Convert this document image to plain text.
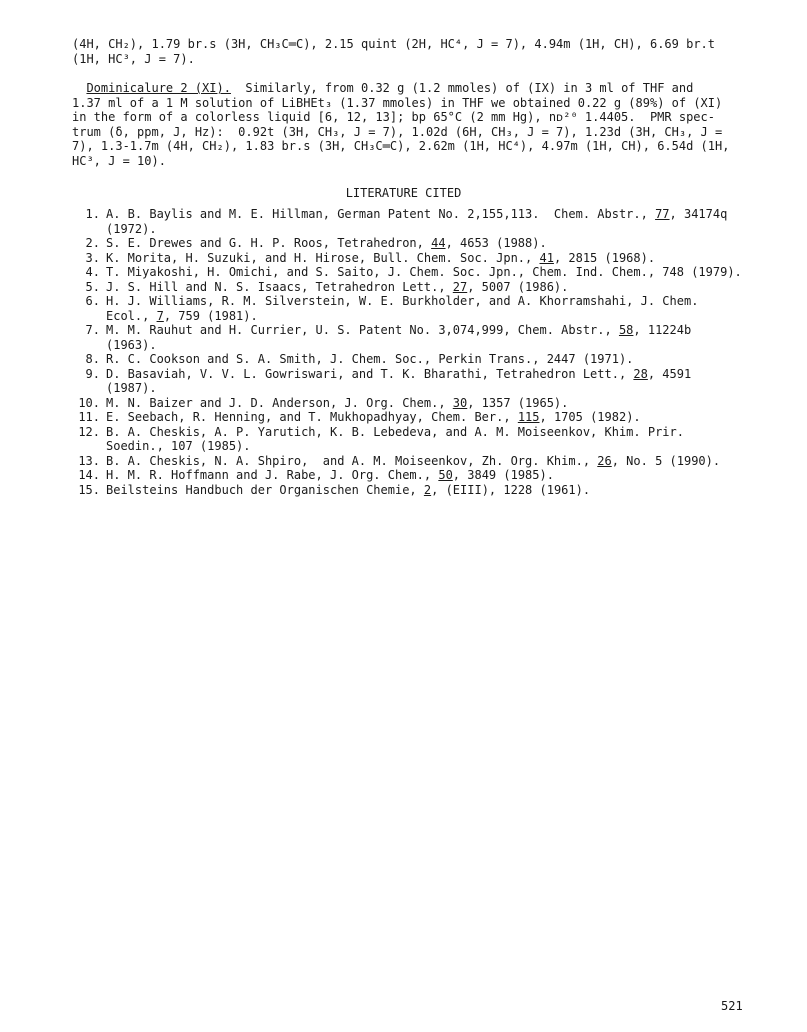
(4H, CH₂), 1.79 br.s (3H, CH₃C═C), 2.15 quint (2H, HC⁴, J = 7), 4.94m (1H, CH), 6.69 br.t
(1H, HC³, J = 7).

Dominicalure 2 (XI).  Similarly, from 0.32 g (1.2 mmoles) of (IX) in 3 ml of THF and
1.37 ml of a 1 M solution of LiBHEt₃ (1.37 mmoles) in THF we obtained 0.22 g (89%) of (XI)
in the form of a colorless liquid [6, 12, 13]; bp 65°C (2 mm Hg), nᴅ²⁰ 1.4405.  PMR spec-
trum (δ, ppm, J, Hz):  0.92t (3H, CH₃, J = 7), 1.02d (6H, CH₃, J = 7), 1.23d (3H, CH₃, J =
7), 1.3-1.7m (4H, CH₂), 1.83 br.s (3H, CH₃C═C), 2.62m (1H, HC⁴), 4.97m (1H, CH), 6.54d (1H,
HC³, J = 10).

LITERATURE CITED
1. A. B. Baylis and M. E. Hillman, German Patent No. 2,155,113.  Chem. Abstr., 77, 34174q
(1972).
2. S. E. Drewes and G. H. P. Roos, Tetrahedron, 44, 4653 (1988).
3. K. Morita, H. Suzuki, and H. Hirose, Bull. Chem. Soc. Jpn., 41, 2815 (1968).
4. T. Miyakoshi, H. Omichi, and S. Saito, J. Chem. Soc. Jpn., Chem. Ind. Chem., 748 (1979).
5. J. S. Hill and N. S. Isaacs, Tetrahedron Lett., 27, 5007 (1986).
6. H. J. Williams, R. M. Silverstein, W. E. Burkholder, and A. Khorramshahi, J. Chem.
Ecol., 7, 759 (1981).
7. M. M. Rauhut and H. Currier, U. S. Patent No. 3,074,999, Chem. Abstr., 58, 11224b
(1963).
8. R. C. Cookson and S. A. Smith, J. Chem. Soc., Perkin Trans., 2447 (1971).
9. D. Basaviah, V. V. L. Gowriswari, and T. K. Bharathi, Tetrahedron Lett., 28, 4591
(1987).
10. M. N. Baizer and J. D. Anderson, J. Org. Chem., 30, 1357 (1965).
11. E. Seebach, R. Henning, and T. Mukhopadhyay, Chem. Ber., 115, 1705 (1982).
12. B. A. Cheskis, A. P. Yarutich, K. B. Lebedeva, and A. M. Moiseenkov, Khim. Prir.
Soedin., 107 (1985).
13. B. A. Cheskis, N. A. Shpiro,  and A. M. Moiseenkov, Zh. Org. Khim., 26, No. 5 (1990).
14. H. M. R. Hoffmann and J. Rabe, J. Org. Chem., 50, 3849 (1985).
15. Beilsteins Handbuch der Organischen Chemie, 2, (EIII), 1228 (1961).
521
